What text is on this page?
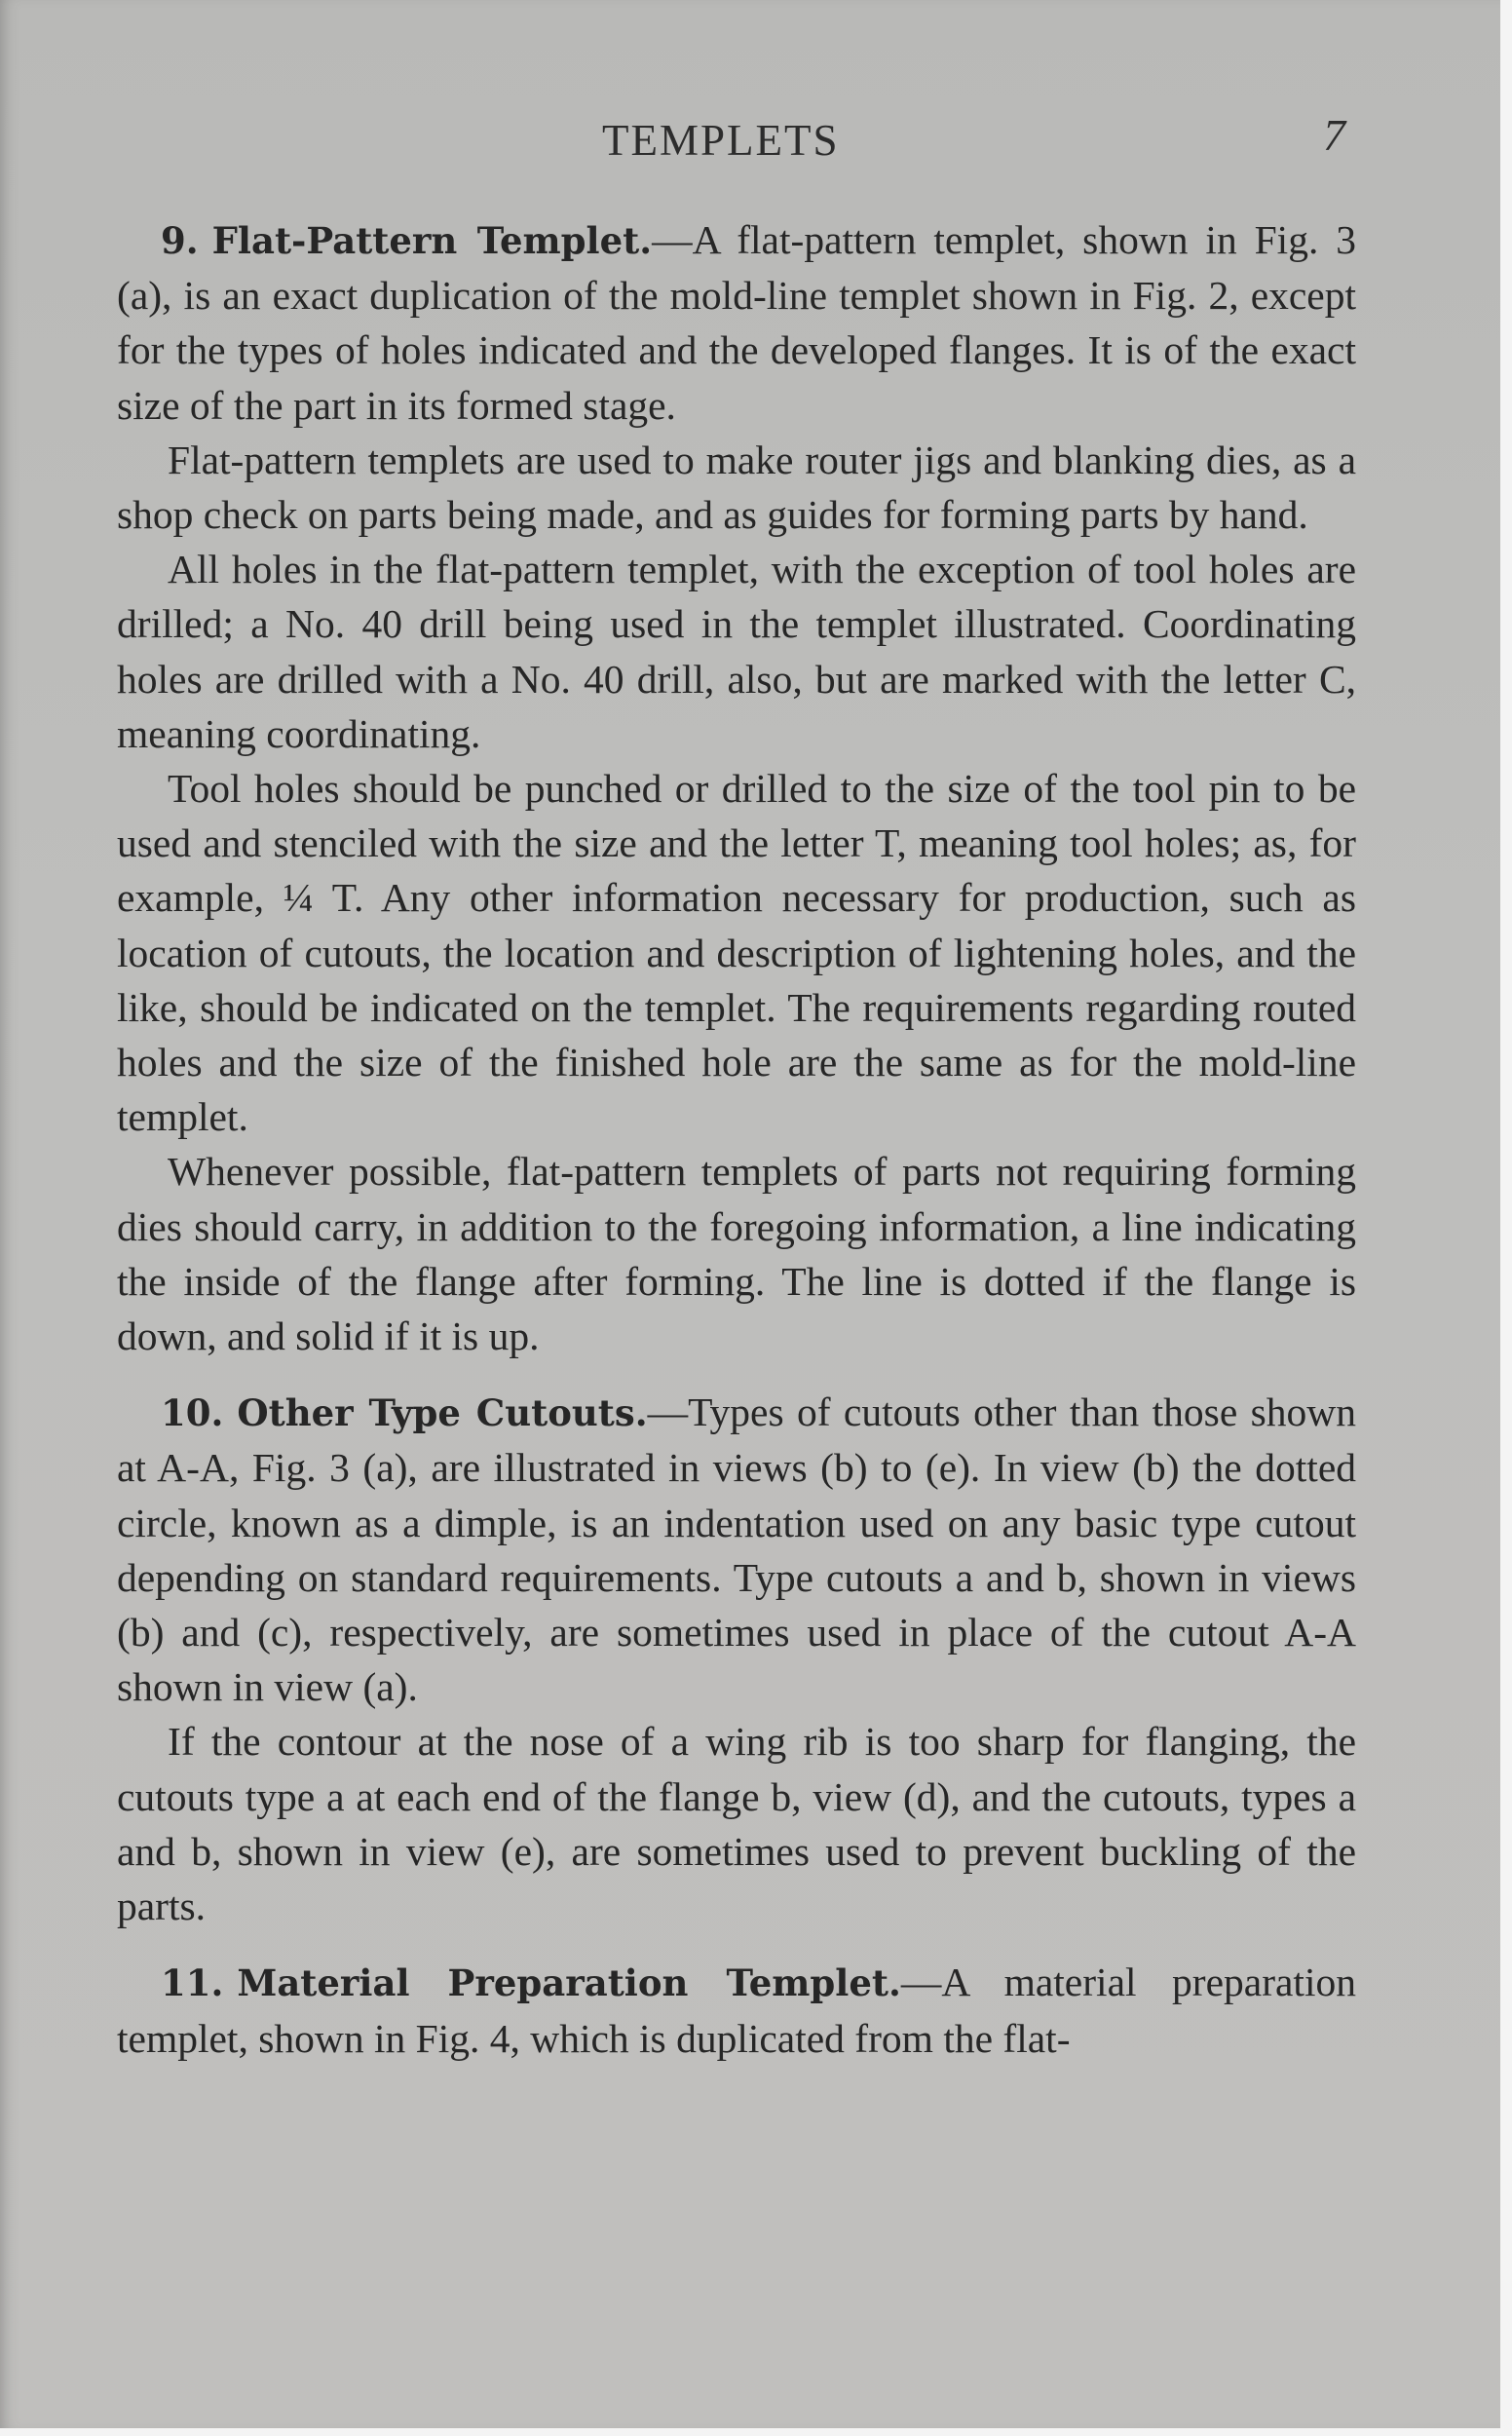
TEMPLETS	7

9. Flat-Pattern Templet.—A flat-pattern templet, shown in Fig. 3 (a), is an exact duplication of the mold-line templet shown in Fig. 2, except for the types of holes indicated and the developed flanges. It is of the exact size of the part in its formed stage.

Flat-pattern templets are used to make router jigs and blanking dies, as a shop check on parts being made, and as guides for forming parts by hand.

All holes in the flat-pattern templet, with the exception of tool holes are drilled; a No. 40 drill being used in the templet illustrated. Coordinating holes are drilled with a No. 40 drill, also, but are marked with the letter C, meaning coordinating.

Tool holes should be punched or drilled to the size of the tool pin to be used and stenciled with the size and the letter T, meaning tool holes; as, for example, ¼ T. Any other information necessary for production, such as location of cutouts, the location and description of lightening holes, and the like, should be indicated on the templet. The requirements regarding routed holes and the size of the finished hole are the same as for the mold-line templet.

Whenever possible, flat-pattern templets of parts not requiring forming dies should carry, in addition to the foregoing information, a line indicating the inside of the flange after forming. The line is dotted if the flange is down, and solid if it is up.

10. Other Type Cutouts.—Types of cutouts other than those shown at A-A, Fig. 3 (a), are illustrated in views (b) to (e). In view (b) the dotted circle, known as a dimple, is an indentation used on any basic type cutout depending on standard requirements. Type cutouts a and b, shown in views (b) and (c), respectively, are sometimes used in place of the cutout A-A shown in view (a).

If the contour at the nose of a wing rib is too sharp for flanging, the cutouts type a at each end of the flange b, view (d), and the cutouts, types a and b, shown in view (e), are sometimes used to prevent buckling of the parts.

11. Material Preparation Templet.—A material preparation templet, shown in Fig. 4, which is duplicated from the flat-
